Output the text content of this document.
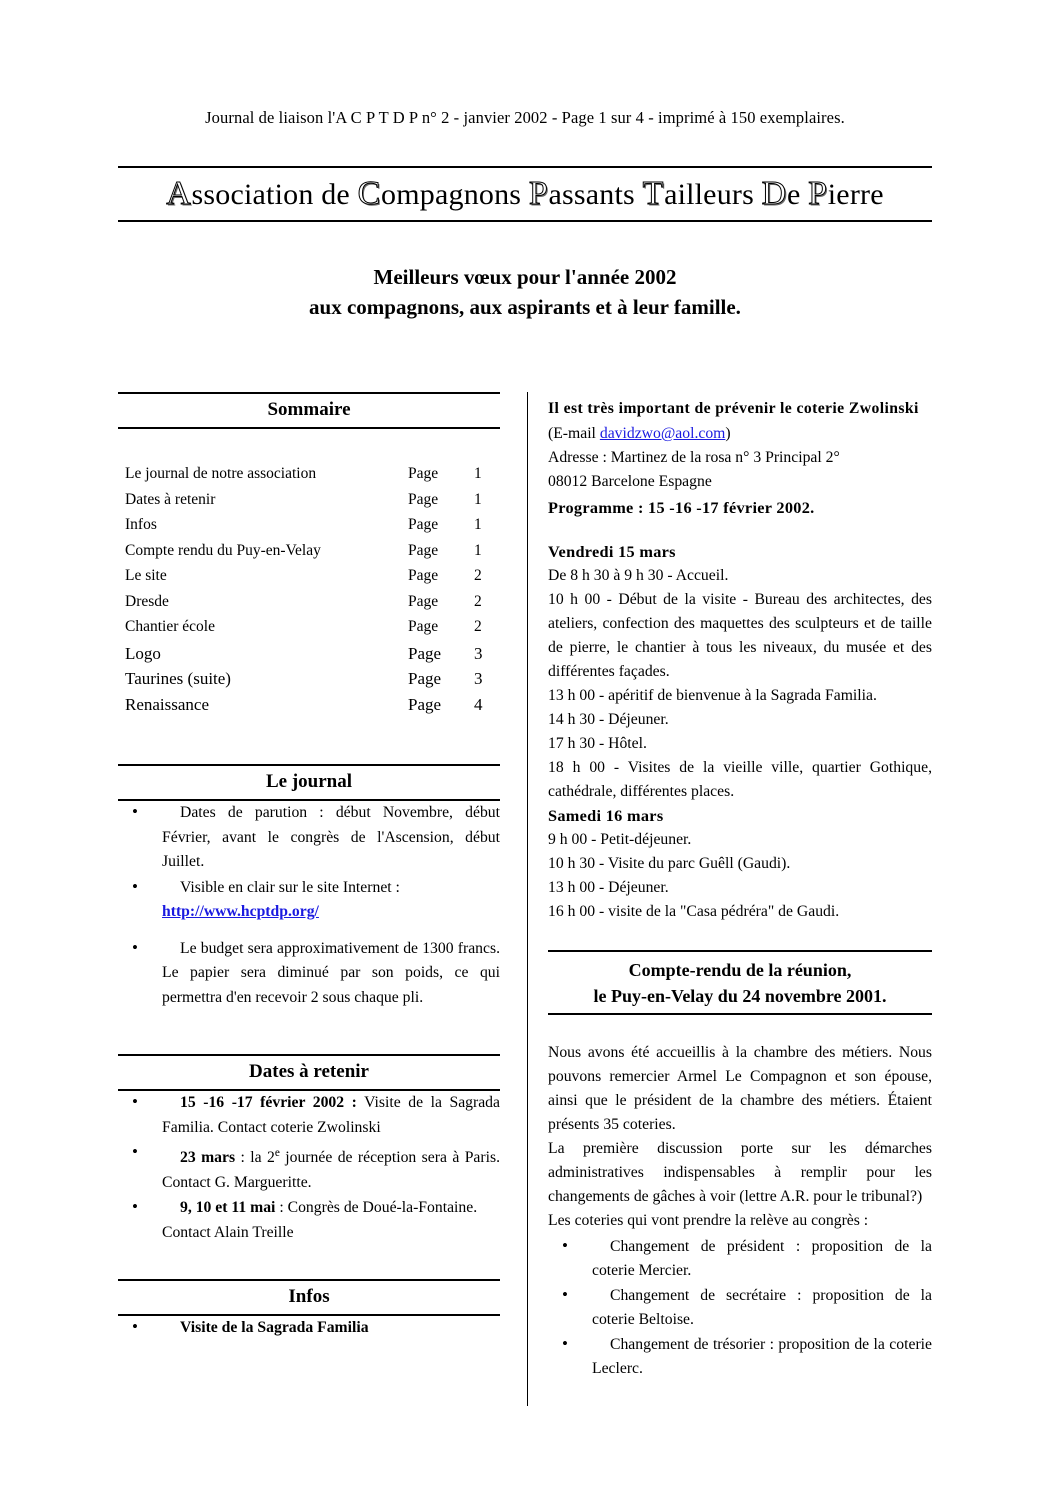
Journal de liaison l'A C P T D P n° 2 - janvier 2002 - Page 1 sur 4 - imprimé à 150 exemplaires.
Association de Compagnons Passants Tailleurs De Pierre
Meilleurs vœux pour l'année 2002
aux compagnons, aux aspirants et à leur famille.
Sommaire
Le journal de notre association	Page 1
Dates à retenir	Page 1
Infos	Page 1
Compte rendu du Puy-en-Velay	Page 1
Le site	Page 2
Dresde	Page 2
Chantier école	Page 2
Logo	Page 3
Taurines (suite)	Page 3
Renaissance	Page 4
Le journal
• Dates de parution : début Novembre, début Février, avant le congrès de l'Ascension, début Juillet.
• Visible en clair sur le site Internet :
http://www.hcptdp.org/
• Le budget sera approximativement de 1300 francs. Le papier sera diminué par son poids, ce qui permettra d'en recevoir 2 sous chaque pli.
Dates à retenir
• 15 -16 -17 février 2002 : Visite de la Sagrada Familia. Contact coterie Zwolinski
• 23 mars : la 2e journée de réception sera à Paris. Contact G. Margueritte.
• 9, 10 et 11 mai : Congrès de Doué-la-Fontaine. Contact Alain Treille
Infos
• Visite de la Sagrada Familia
Il est très important de prévenir le coterie Zwolinski
(E-mail davidzwo@aol.com)
Adresse : Martinez de la rosa n° 3 Principal 2°
08012 Barcelone Espagne
Programme : 15 -16 -17 février 2002.
Vendredi 15 mars
De 8 h 30 à 9 h 30 - Accueil.
10 h 00 - Début de la visite - Bureau des architectes, des ateliers, confection des maquettes des sculpteurs et de taille de pierre, le chantier à tous les niveaux, du musée et des différentes façades.
13 h 00 - apéritif de bienvenue à la Sagrada Familia.
14 h 30 - Déjeuner.
17 h 30 - Hôtel.
18 h 00 - Visites de la vieille ville, quartier Gothique, cathédrale, différentes places.
Samedi 16 mars
9 h 00 - Petit-déjeuner.
10 h 30 - Visite du parc Guêll (Gaudi).
13 h 00 - Déjeuner.
16 h 00 - visite de la "Casa pédréra" de Gaudi.
Compte-rendu de la réunion,
le Puy-en-Velay du 24 novembre 2001.
Nous avons été accueillis à la chambre des métiers. Nous pouvons remercier Armel Le Compagnon et son épouse, ainsi que le président de la chambre des métiers. Étaient présents 35 coteries.
La première discussion porte sur les démarches administratives indispensables à remplir pour les changements de gâches à voir (lettre A.R. pour le tribunal?)
Les coteries qui vont prendre la relève au congrès :
• Changement de président : proposition de la coterie Mercier.
• Changement de secrétaire : proposition de la coterie Beltoise.
• Changement de trésorier : proposition de la coterie Leclerc.
